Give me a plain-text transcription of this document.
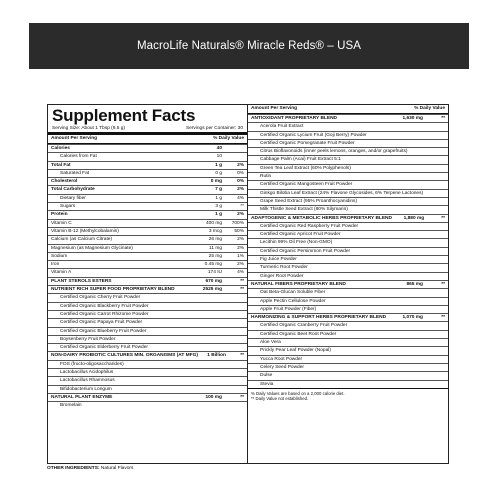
MacroLife Naturals® Miracle Reds® – USA
Supplement Facts
Serving Size: About 1 Tbsp (9.5 g)	Servings per Container: 30
Amount Per Serving	% Daily Value
Calories	40
Calories from Fat	10
Total Fat	1 g	2%
Saturated Fat	0 g	0%
Cholesterol	0 mg	0%
Total Carbohydrate	7 g	2%
Dietary fiber	1 g	4%
Sugars	3 g	**
Protein	1 g	2%
Vitamin C	400 mg	700%
Vitamin B-12 (Methylcobalamin)	3 mcg	50%
Calcium (as Calcium Citrate)	26 mg	2%
Magnesium (as Magnesium Glycinate)	11 mg	2%
Sodium	25 mg	1%
Iron	0.45 mg	2%
Vitamin A	174 IU	4%
PLANT STEROLS ESTERS	670 mg	**
NUTRIENT RICH SUPER FOOD PROPRIETARY BLEND	2525 mg	**
Certified Organic Cherry Fruit Powder
Certified Organic Blackberry Fruit Powder
Certified Organic Carrot Rhizome Powder
Certified Organic Papaya Fruit Powder
Certified Organic Blueberry Fruit Powder
Boysenberry Fruit Powder
Certified Organic Elderberry Fruit Powder
NON-DAIRY PROBIOTIC CULTURES MIN. ORGANISMS (AT MFG)	1 Billion	**
FOS (fructo-oligosaccharides)
Lactobacillus Acidophilus
Lactobacillus Rhamnosus
Bifidobacterium Longum
NATURAL PLANT ENZYME	100 mg	**
Bromelain
Amount Per Serving	% Daily Value
ANTIOXIDANT PROPRIETARY BLEND	1,630 mg	**
Acerola Fruit Extract
Certified Organic Lycium Fruit (Goji Berry) Powder
Certified Organic Pomegranate Fruit Powder
Citrus Bioflavonoids (inner peels lemons, oranges, and/or grapefruits)
Cabbage Palm (Acai) Fruit Extract 5:1
Green Tea Leaf Extract (60% Polyphenols)
Rutin
Certified Organic Mangosteen Fruit Powder
Ginkgo Biloba Leaf Extract (24% Flavone Glycosides, 6% Terpene Lactones)
Grape Seed Extract (95% Proanthocyanidins)
Milk Thistle Seed Extract (80% Silymarin)
ADAPTOGENIC & METABOLIC HERBS PROPRIETARY BLEND	1,880 mg	**
Certified Organic Red Raspberry Fruit Powder
Certified Organic Apricot Fruit Powder
Lecithin 99% Oil Free (Non-GMO)
Certified Organic Persimmon Fruit Powder
Fig Juice Powder
Turmeric Root Powder
Ginger Root Powder
NATURAL FIBERS PROPRIETARY BLEND	865 mg	**
Oat Beta-Glucan Soluble Fiber
Apple Pectin Cellulose Powder
Apple Fruit Powder (Fiber)
HARMONIZING & SUPPORT HERBS PROPRIETARY BLEND	1,070 mg	**
Certified Organic Cranberry Fruit Powder
Certified Organic Beet Root Powder
Aloe Vera
Prickly Pear Leaf Powder (Nopal)
Yucca Root Powder
Celery Seed Powder
Dulse
Stevia
% Daily Values are based on a 2,000 calorie diet.
** Daily Value not established.
OTHER INGREDIENTS: Natural Flavors
